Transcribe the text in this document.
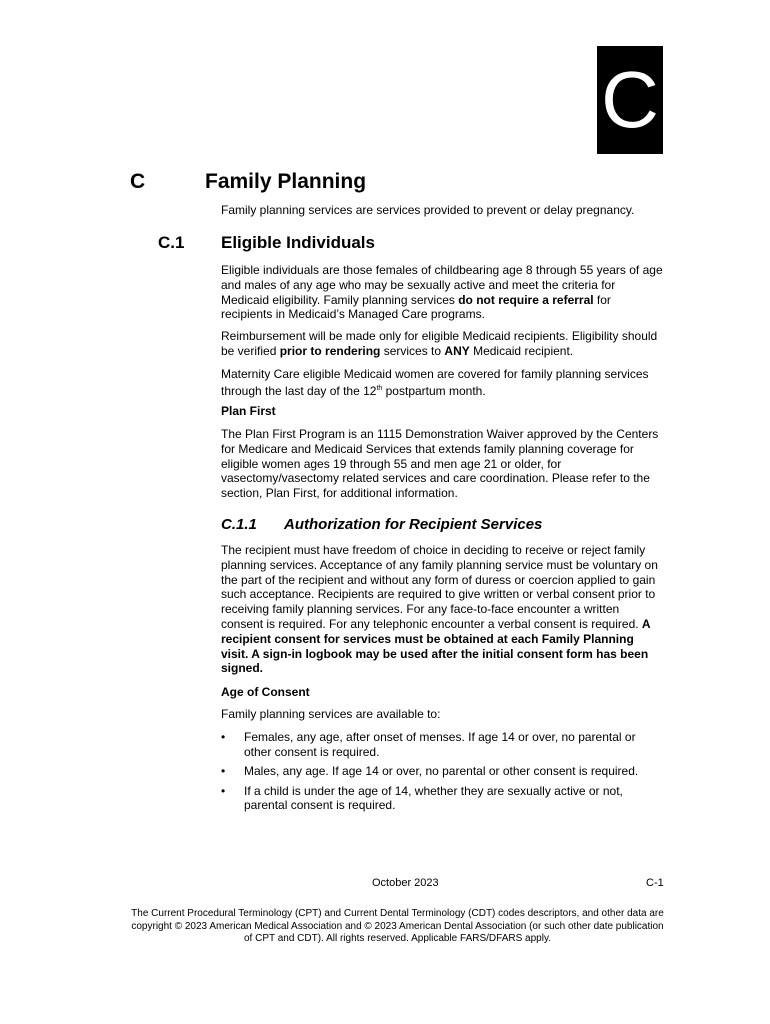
C
C	Family Planning

Family planning services are services provided to prevent or delay pregnancy.

C.1 Eligible Individuals

Eligible individuals are those females of childbearing age 8 through 55 years of age and males of any age who may be sexually active and meet the criteria for Medicaid eligibility. Family planning services do not require a referral for recipients in Medicaid’s Managed Care programs.

Reimbursement will be made only for eligible Medicaid recipients. Eligibility should be verified prior to rendering services to ANY Medicaid recipient.

Maternity Care eligible Medicaid women are covered for family planning services through the last day of the 12th postpartum month.

Plan First

The Plan First Program is an 1115 Demonstration Waiver approved by the Centers for Medicare and Medicaid Services that extends family planning coverage for eligible women ages 19 through 55 and men age 21 or older, for vasectomy/vasectomy related services and care coordination. Please refer to the section, Plan First, for additional information.

C.1.1 Authorization for Recipient Services

The recipient must have freedom of choice in deciding to receive or reject family planning services. Acceptance of any family planning service must be voluntary on the part of the recipient and without any form of duress or coercion applied to gain such acceptance. Recipients are required to give written or verbal consent prior to receiving family planning services. For any face-to-face encounter a written consent is required. For any telephonic encounter a verbal consent is required. A recipient consent for services must be obtained at each Family Planning visit. A sign-in logbook may be used after the initial consent form has been signed.

Age of Consent

Family planning services are available to:

• Females, any age, after onset of menses. If age 14 or over, no parental or other consent is required.
• Males, any age. If age 14 or over, no parental or other consent is required.
• If a child is under the age of 14, whether they are sexually active or not, parental consent is required.
October 2023	C-1

The Current Procedural Terminology (CPT) and Current Dental Terminology (CDT) codes descriptors, and other data are copyright © 2023 American Medical Association and © 2023 American Dental Association (or such other date publication of CPT and CDT). All rights reserved. Applicable FARS/DFARS apply.
